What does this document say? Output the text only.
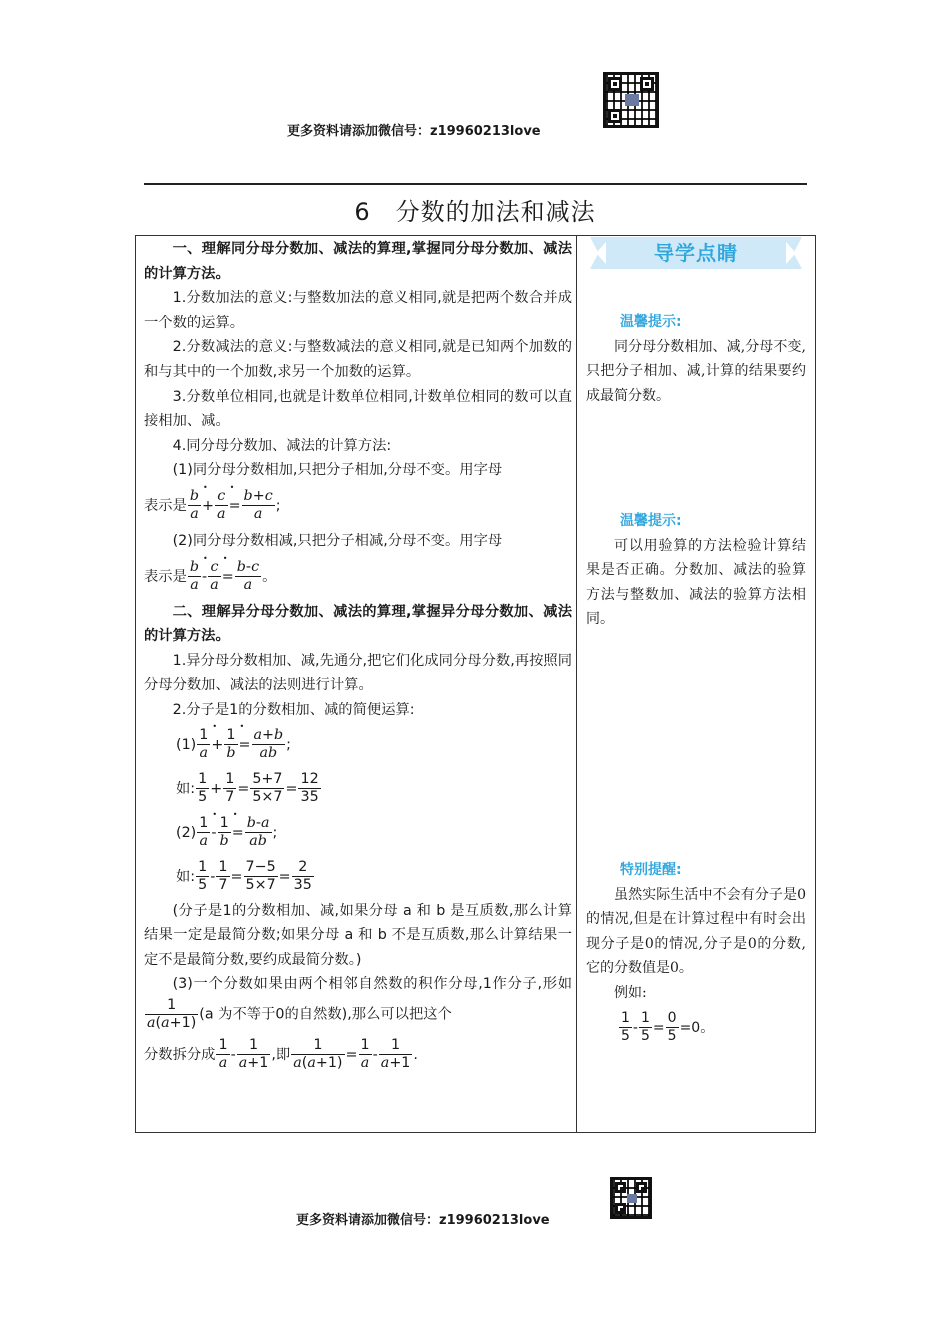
更多资料请添加微信号：z19960213love
6　分数的加法和减法

一、理解同分母分数加、减法的算理,掌握同分母分数加、减法的计算方法。

1.分数加法的意义:与整数加法的意义相同,就是把两个数合并成一个数的运算。

2.分数减法的意义:与整数减法的意义相同,就是已知两个加数的和与其中的一个加数,求另一个加数的运算。

3.分数单位相同,也就是计数单位相同,计数单位相同的数可以直接相加、减。

4.同分母分数加、减法的计算方法:

(1)同分母分数相加,只把分子相加,分母不变。用字母

表示是 $\frac{b}{a}$ • + $\frac{c}{a}$ • = $\frac{b+c}{a}$ ;

(2)同分母分数相减,只把分子相减,分母不变。用字母

表示是 $\frac{b}{a}$ • - $\frac{c}{a}$ • = $\frac{b-c}{a}$ 。

二、理解异分母分数加、减法的算理,掌握异分母分数加、减法的计算方法。

1.异分母分数相加、减,先通分,把它们化成同分母分数,再按照同分母分数加、减法的法则进行计算。

2.分子是1的分数相加、减的简便运算:

$(1) \frac{1}{a}$ • + $\frac{1}{b}$ • = $\frac{a+b}{ab}$ ;
如: $\frac{1}{5} + \frac{1}{7} = \frac{5+7}{5\times 7} = \frac{12}{35}$
$(2) \frac{1}{a}$ • - $\frac{1}{b}$ • = $\frac{b-a}{ab}$ ;
如: $\frac{1}{5} - \frac{1}{7} = \frac{7-5}{5\times 7} = \frac{2}{35}$

(分子是1的分数相加、减,如果分母 a 和 b 是互质数,那么计算结果一定是最简分数;如果分母 a 和 b 不是互质数,那么计算结果一定不是最简分数,要约成最简分数。)

(3)一个分数如果由两个相邻自然数的积作分母,1作分子,形如
$\frac{1}{a(a+1)} (a$ 为不等于0的自然数),那么可以把这个

分数拆分成 $\frac{1}{a} - \frac{1}{a+1}$ ,即 $\frac{1}{a(a+1)} = \frac{1}{a} - \frac{1}{a+1}$ .

导学点睛
温馨提示:

同分母分数相加、减,分母不变,只把分子相加、减,计算的结果要约成最简分数。

温馨提示:

可以用验算的方法检验计算结果是否正确。分数加、减法的验算方法与整数加、减法的验算方法相同。

特别提醒:

虽然实际生活中不会有分子是0的情况,但是在计算过程中有时会出现分子是0的情况,分子是0的分数,它的分数值是0。

例如:

$\frac{1}{5} - \frac{1}{5} = \frac{0}{5} =0$。
更多资料请添加微信号：z19960213love
